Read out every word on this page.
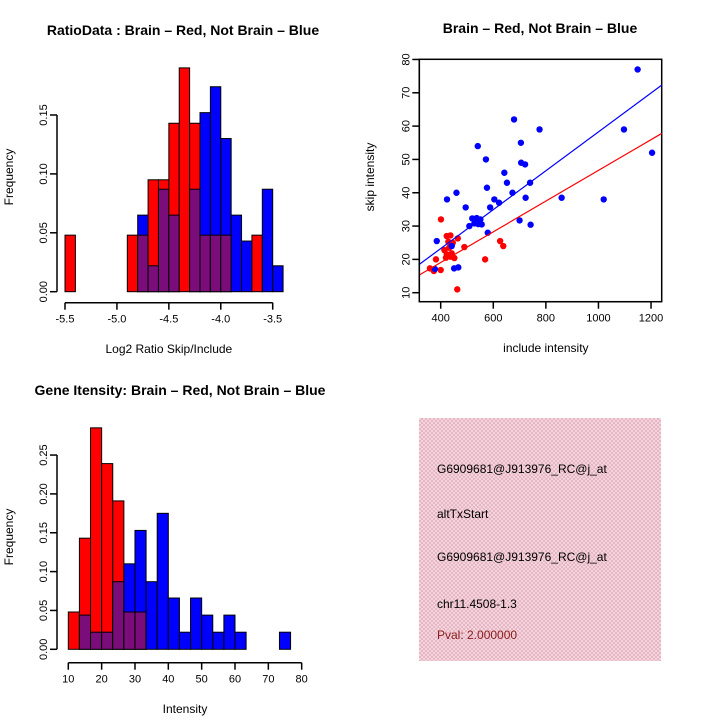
-5.5	-5.0	-4.5	-4.0	-3.5
Log2 Ratio Skip/Include
0.00
0.05
0.10
0.15
Frequency
RatioData : Brain – Red, Not Brain – Blue
400	600	800	1000	1200
include intensity
10
20
30
40
50
60
70
80
skip intensity
Brain – Red, Not Brain – Blue
10 20 30 40 50 60 70 80
Intensity
0.00
0.05
0.10
0.15
0.20
0.25
Frequency
Gene Itensity: Brain – Red, Not Brain – Blue
G6909681@J913976_RC@j_at
altTxStart
G6909681@J913976_RC@j_at
chr11.4508-1.3
Pval: 2.000000
